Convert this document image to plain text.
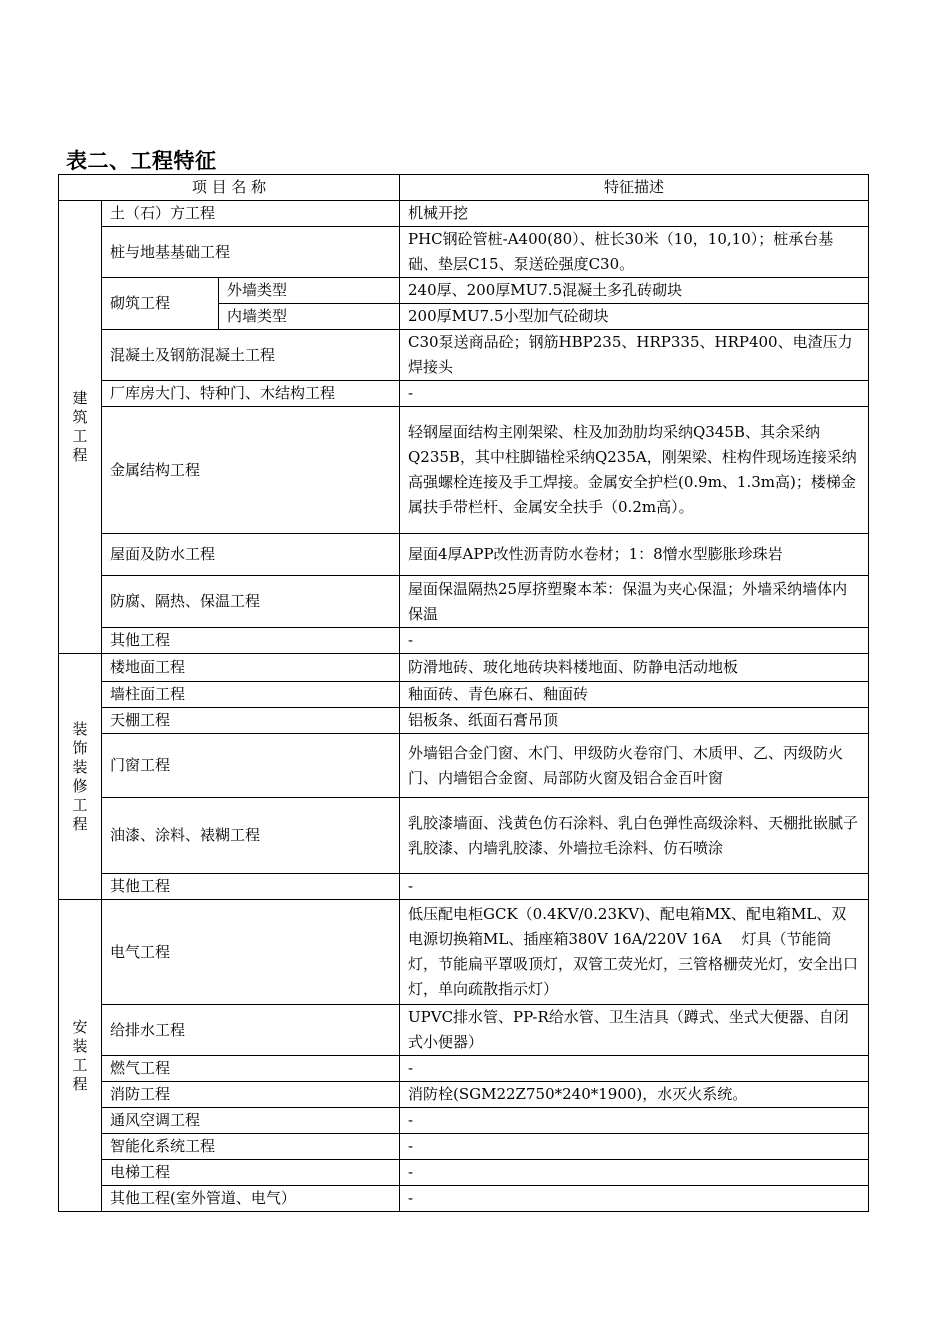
表二、工程特征
项 目 名 称			特征描述

建筑工程	土（石）方工程		机械开挖
	桩与地基基础工程		PHC钢砼管桩-A400(80）、桩长30米（10，10,10）；桩承台基础、垫层C15、泵送砼强度C30。
	砌筑工程	外墙类型	240厚、200厚MU7.5混凝土多孔砖砌块
		内墙类型	200厚MU7.5小型加气砼砌块
	混凝土及钢筋混凝土工程		C30泵送商品砼；钢筋HBP235、HRP335、HRP400、电渣压力焊接头
	厂库房大门、特种门、木结构工程		-
	金属结构工程		轻钢屋面结构主刚架梁、柱及加劲肋均采纳Q345B、其余采纳Q235B，其中柱脚锚栓采纳Q235A，刚架梁、柱构件现场连接采纳高强螺栓连接及手工焊接。金属安全护栏(0.9m、1.3m高)；楼梯金属扶手带栏杆、金属安全扶手（0.2m高）。
	屋面及防水工程		屋面4厚APP改性沥青防水卷材；1：8憎水型膨胀珍珠岩
	防腐、隔热、保温工程		屋面保温隔热25厚挤塑聚本苯：保温为夹心保温；外墙采纳墙体内保温
	其他工程		-

装饰装修工程	楼地面工程		防滑地砖、玻化地砖块料楼地面、防静电活动地板
	墙柱面工程		釉面砖、青色麻石、釉面砖
	天棚工程		铝板条、纸面石膏吊顶
	门窗工程		外墙铝合金门窗、木门、甲级防火卷帘门、木质甲、乙、丙级防火门、内墙铝合金窗、局部防火窗及铝合金百叶窗
	油漆、涂料、裱糊工程		乳胶漆墙面、浅黄色仿石涂料、乳白色弹性高级涂料、天棚批嵌腻子乳胶漆、内墙乳胶漆、外墙拉毛涂料、仿石喷涂
	其他工程		-

安装工程	电气工程		低压配电柜GCK（0.4KV/0.23KV)、配电箱MX、配电箱ML、双电源切换箱ML、插座箱380V 16A/220V 16A　 灯具（节能筒灯，节能扁平罩吸顶灯，双管工荧光灯，三管格栅荧光灯，安全出口灯，单向疏散指示灯）
	给排水工程		UPVC排水管、PP-R给水管、卫生洁具（蹲式、坐式大便器、自闭式小便器）
	燃气工程		-
	消防工程		消防栓(SGM22Z750*240*1900)，水灭火系统。
	通风空调工程		-
	智能化系统工程		-
	电梯工程		-
	其他工程(室外管道、电气）		-
